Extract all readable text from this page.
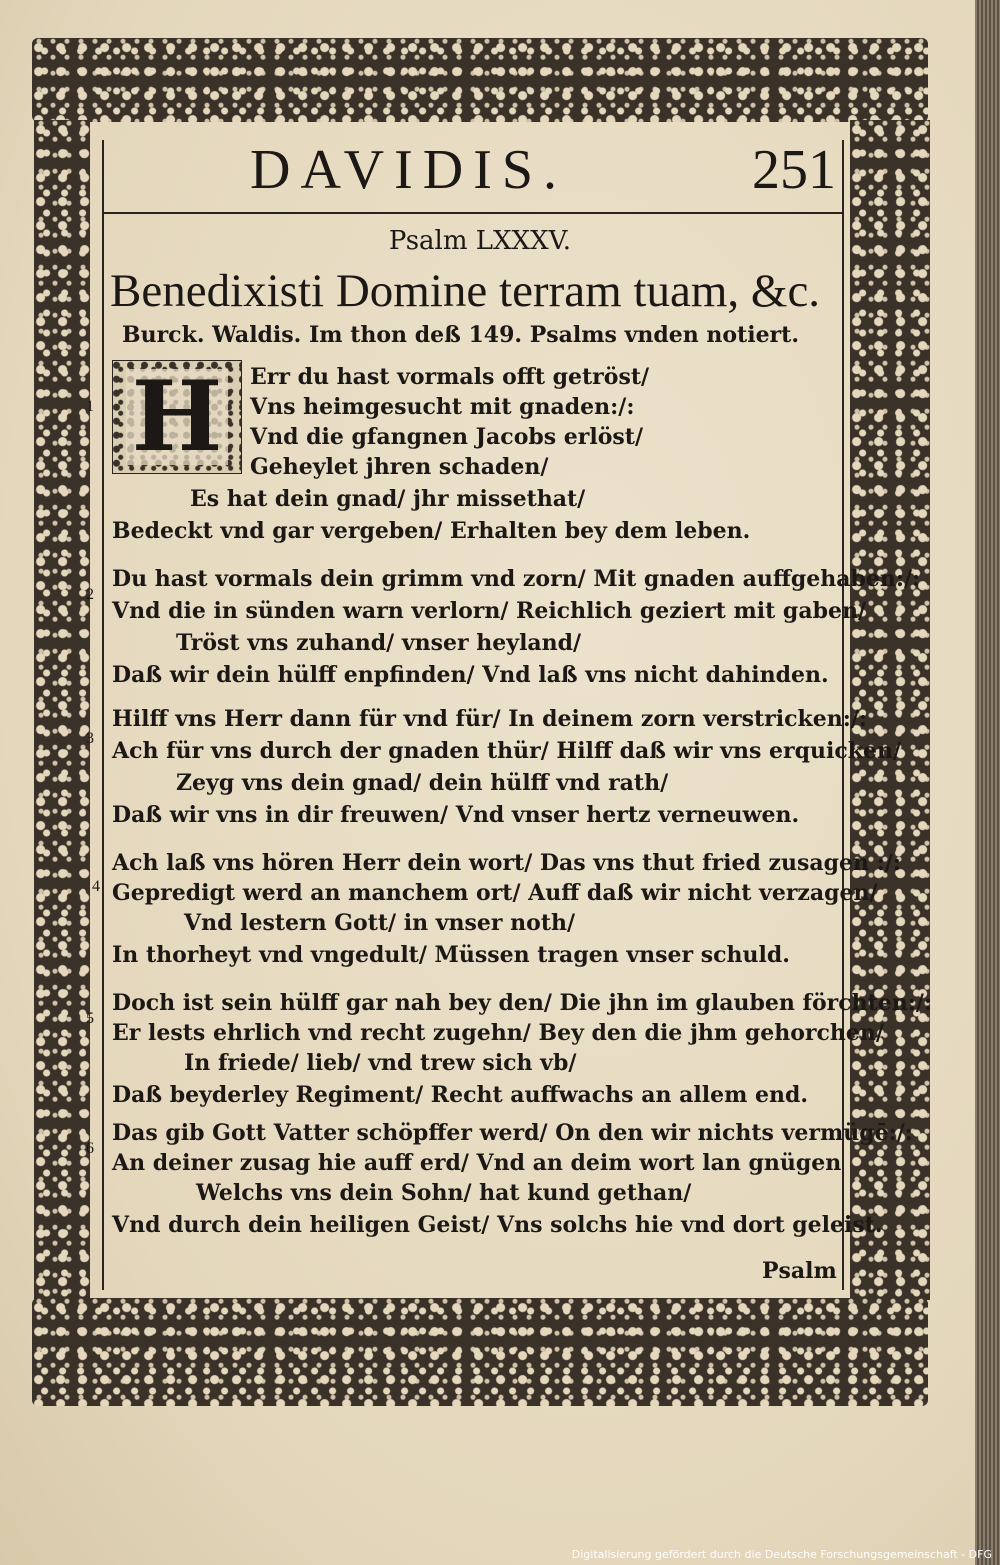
DAVIDIS.	251
Psalm LXXXV.
Benedixisti Domine terram tuam, &c.
Burck. Waldis. Im thon deß 149. Psalms vnden notiert.
H
1
2
3
4
5
6
Err du hast vormals offt getröst/
Vns heimgesucht mit gnaden:/:
Vnd die gfangnen Jacobs erlöst/
Geheylet jhren schaden/
Es hat dein gnad/ jhr missethat/
Bedeckt vnd gar vergeben/ Erhalten bey dem leben.
Du hast vormals dein grimm vnd zorn/ Mit gnaden auffgehaben:/:
Vnd die in sünden warn verlorn/ Reichlich geziert mit gaben/
Tröst vns zuhand/ vnser heyland/
Daß wir dein hülff enpfinden/ Vnd laß vns nicht dahinden.
Hilff vns Herr dann für vnd für/ In deinem zorn verstricken:/:
Ach für vns durch der gnaden thür/ Hilff daß wir vns erquicken/
Zeyg vns dein gnad/ dein hülff vnd rath/
Daß wir vns in dir freuwen/ Vnd vnser hertz verneuwen.
Ach laß vns hören Herr dein wort/ Das vns thut fried zusagen :/:
Gepredigt werd an manchem ort/ Auff daß wir nicht verzagen/
Vnd lestern Gott/ in vnser noth/
In thorheyt vnd vngedult/ Müssen tragen vnser schuld.
Doch ist sein hülff gar nah bey den/ Die jhn im glauben förchten:/:
Er lests ehrlich vnd recht zugehn/ Bey den die jhm gehorchen/
In friede/ lieb/ vnd trew sich vb/
Daß beyderley Regiment/ Recht auffwachs an allem end.
Das gib Gott Vatter schöpffer werd/ On den wir nichts vermügē:/:
An deiner zusag hie auff erd/ Vnd an deim wort lan gnügen
Welchs vns dein Sohn/ hat kund gethan/
Vnd durch dein heiligen Geist/ Vns solchs hie vnd dort geleist.
Psalm
Digitalisierung gefördert durch die Deutsche Forschungsgemeinschaft - DFG
